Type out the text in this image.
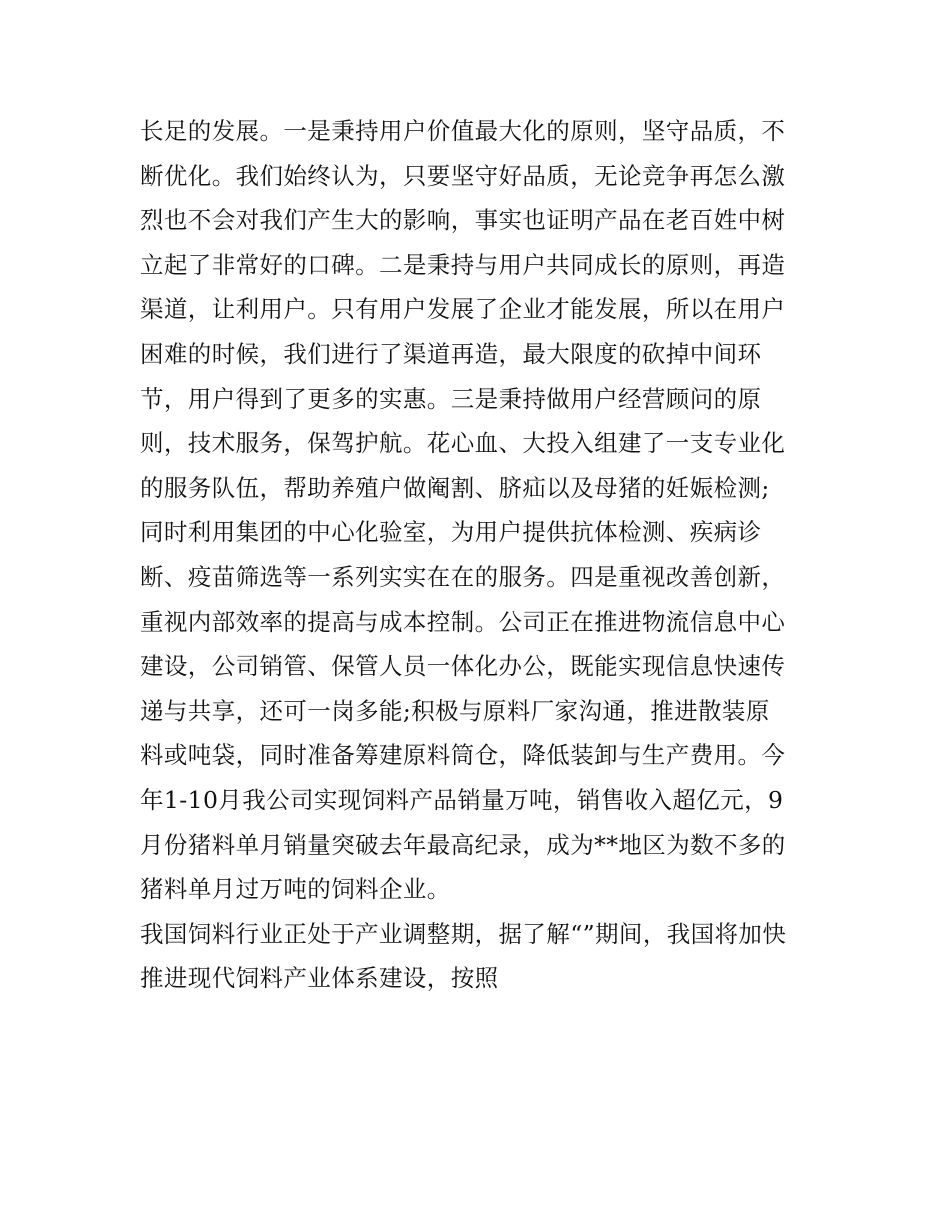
长足的发展。一是秉持用户价值最大化的原则，坚守品质，不
断优化。我们始终认为，只要坚守好品质，无论竞争再怎么激
烈也不会对我们产生大的影响，事实也证明产品在老百姓中树
立起了非常好的口碑。二是秉持与用户共同成长的原则，再造
渠道，让利用户。只有用户发展了企业才能发展，所以在用户
困难的时候，我们进行了渠道再造，最大限度的砍掉中间环
节，用户得到了更多的实惠。三是秉持做用户经营顾问的原
则，技术服务，保驾护航。花心血、大投入组建了一支专业化
的服务队伍，帮助养殖户做阉割、脐疝以及母猪的妊娠检测;
同时利用集团的中心化验室，为用户提供抗体检测、疾病诊
断、疫苗筛选等一系列实实在在的服务。四是重视改善创新，
重视内部效率的提高与成本控制。公司正在推进物流信息中心
建设，公司销管、保管人员一体化办公，既能实现信息快速传
递与共享，还可一岗多能;积极与原料厂家沟通，推进散装原
料或吨袋，同时准备筹建原料筒仓，降低装卸与生产费用。今
年1-10月我公司实现饲料产品销量万吨，销售收入超亿元，9
月份猪料单月销量突破去年最高纪录，成为**地区为数不多的
猪料单月过万吨的饲料企业。
我国饲料行业正处于产业调整期，据了解“”期间，我国将加快
推进现代饲料产业体系建设，按照
